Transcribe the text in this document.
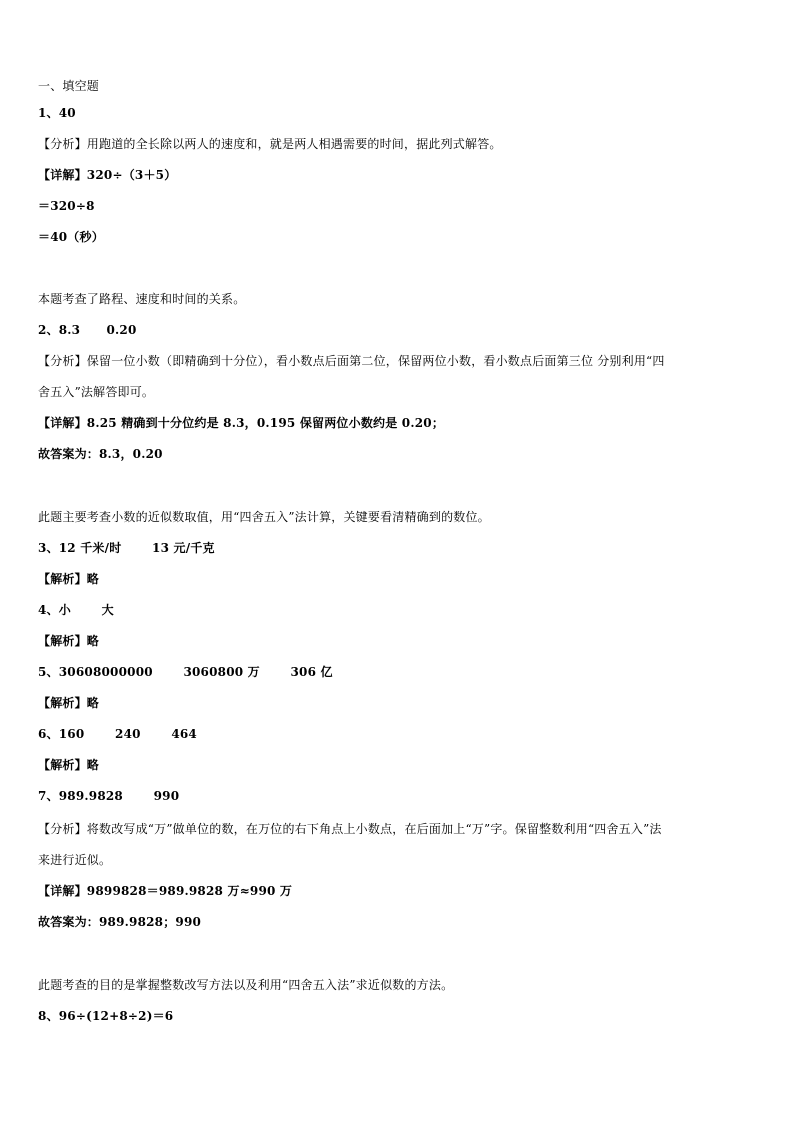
一、填空题
1、40
【分析】用跑道的全长除以两人的速度和，就是两人相遇需要的时间，据此列式解答。
【详解】320÷（3＋5）
＝320÷8
＝40（秒）
本题考查了路程、速度和时间的关系。
2、8.3      0.20
【分析】保留一位小数（即精确到十分位），看小数点后面第二位，保留两位小数，看小数点后面第三位 分别利用“四
舍五入”法解答即可。
【详解】8.25 精确到十分位约是 8.3，0.195 保留两位小数约是 0.20；
故答案为：8.3，0.20
此题主要考查小数的近似数取值，用“四舍五入”法计算，关键要看清精确到的数位。
3、12 千米/时       13 元/千克
【解析】略
4、小       大
【解析】略
5、30608000000       3060800 万       306 亿
【解析】略
6、160       240       464
【解析】略
7、989.9828       990
【分析】将数改写成“万”做单位的数，在万位的右下角点上小数点，在后面加上“万”字。保留整数利用“四舍五入”法
来进行近似。
【详解】9899828＝989.9828 万≈990 万
故答案为：989.9828；990
此题考查的目的是掌握整数改写方法以及利用“四舍五入法”求近似数的方法。
8、96÷(12+8÷2)＝6
